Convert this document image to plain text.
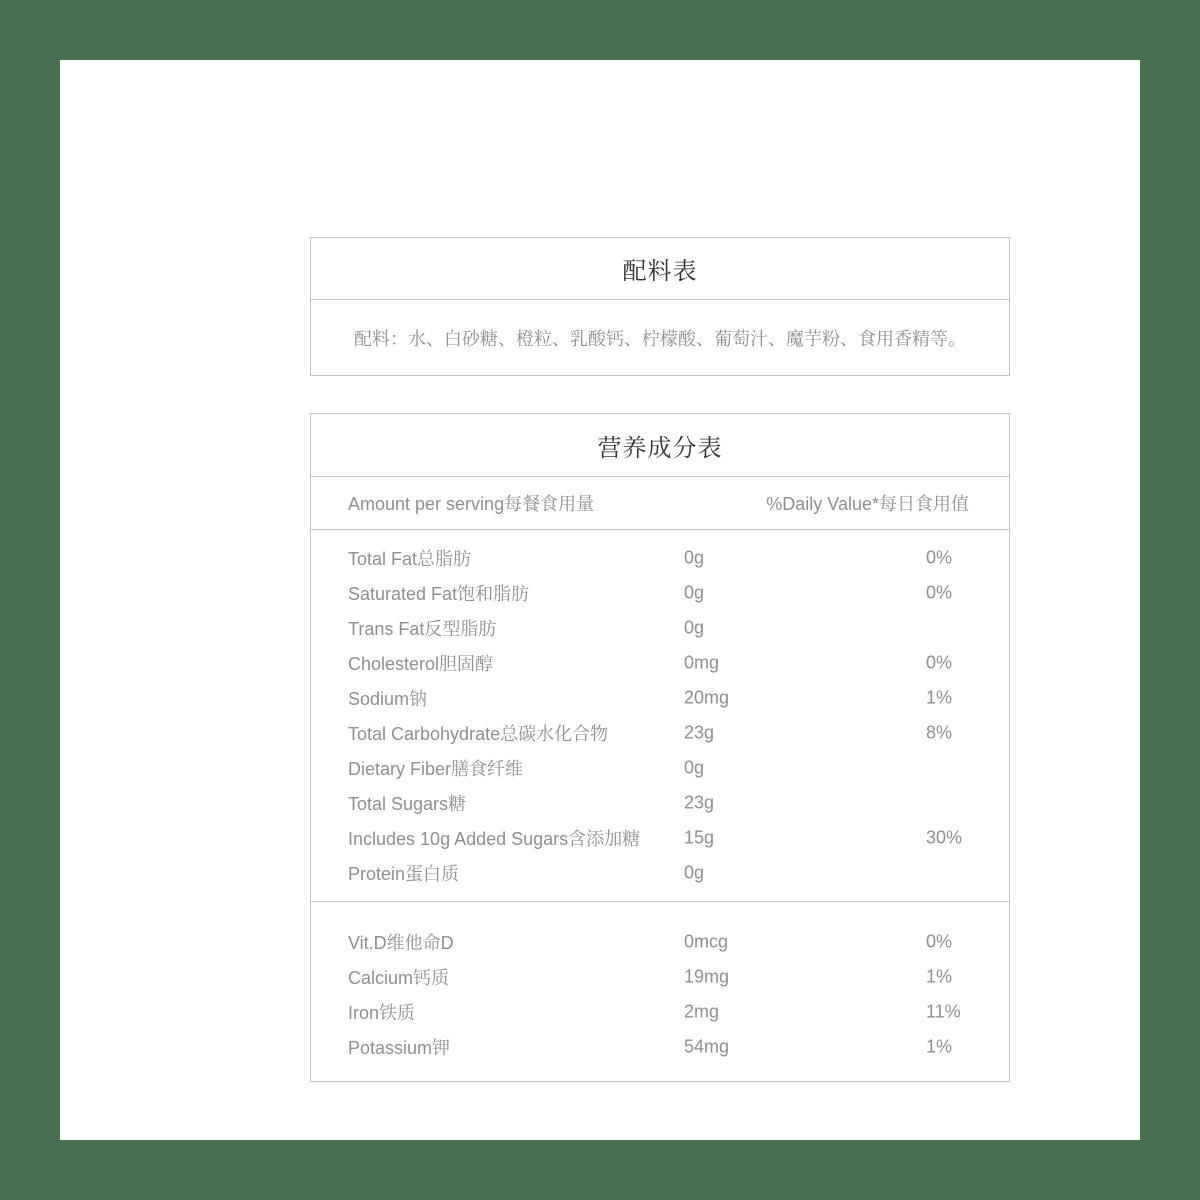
配料表
配料：水、白砂糖、橙粒、乳酸钙、柠檬酸、葡萄汁、魔芋粉、食用香精等。
营养成分表
Amount per serving每餐食用量	%Daily Value*每日食用值
Total Fat总脂肪	0g	0%
Saturated Fat饱和脂肪	0g	0%
Trans Fat反型脂肪	0g
Cholesterol胆固醇	0mg	0%
Sodium钠	20mg	1%
Total Carbohydrate总碳水化合物	23g	8%
Dietary Fiber膳食纤维	0g
Total Sugars糖	23g
Includes 10g Added Sugars含添加糖 15g	30%
Protein蛋白质	0g
Vit.D维他命D	0mcg	0%
Calcium钙质	19mg	1%
Iron铁质	2mg	11%
Potassium钾	54mg	1%
